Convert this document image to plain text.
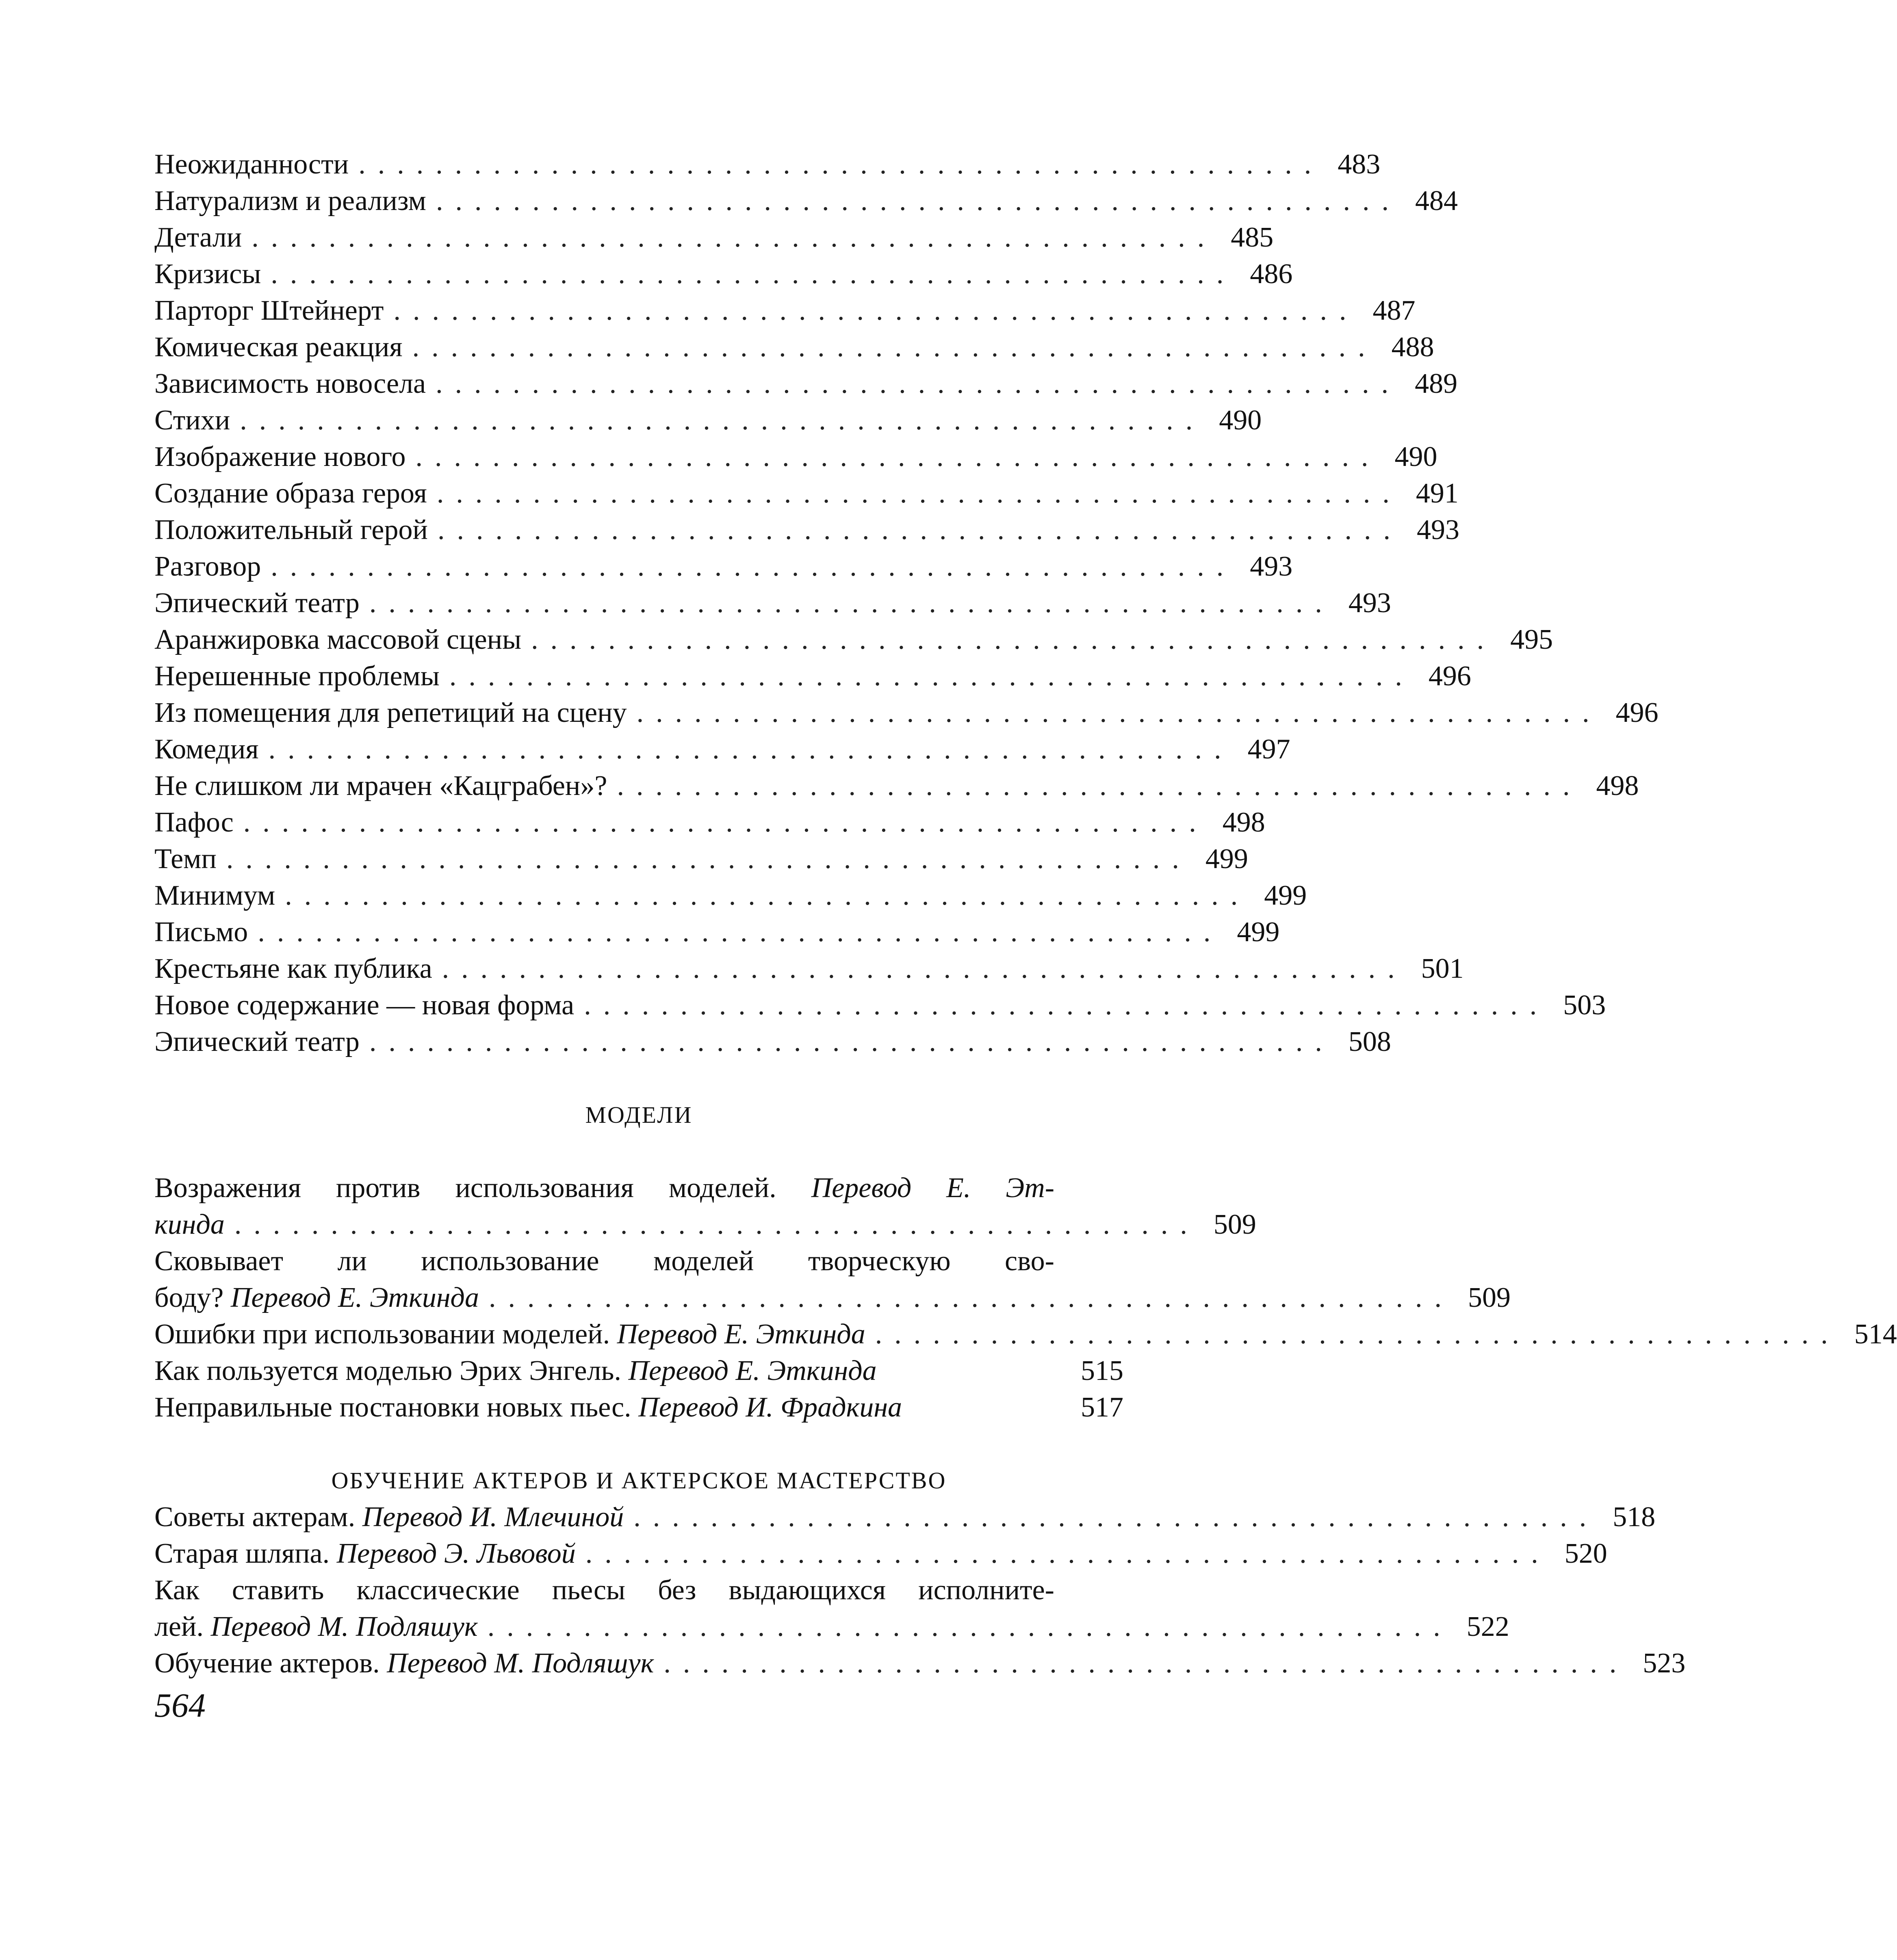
Неожиданности .................................................. 483
Натурализм и реализм .................................................. 484
Детали .................................................. 485
Кризисы .................................................. 486
Парторг Штейнерт .................................................. 487
Комическая реакция .................................................. 488
Зависимость новосела .................................................. 489
Стихи .................................................. 490
Изображение нового .................................................. 490
Создание образа героя .................................................. 491
Положительный герой .................................................. 493
Разговор .................................................. 493
Эпический театр .................................................. 493
Аранжировка массовой сцены .................................................. 495
Нерешенные проблемы .................................................. 496
Из помещения для репетиций на сцену .................................................. 496
Комедия .................................................. 497
Не слишком ли мрачен «Кацграбен»? .................................................. 498
Пафос .................................................. 498
Темп .................................................. 499
Минимум .................................................. 499
Письмо .................................................. 499
Крестьяне как публика .................................................. 501
Новое содержание — новая форма .................................................. 503
Эпический театр .................................................. 508
МОДЕЛИ
Возражения против использования моделей. Перевод Е. Эт-
кинда .................................................. 509
Сковывает ли использование моделей творческую сво-
боду? Перевод Е. Эткинда .................................................. 509
Ошибки при использовании моделей. Перевод Е. Эткинда .................................................. 514
Как пользуется моделью Эрих Энгель. Перевод Е. Эткинда	515
Неправильные постановки новых пьес. Перевод И. Фрадкина	517
ОБУЧЕНИЕ АКТЕРОВ И АКТЕРСКОЕ МАСТЕРСТВО
Советы актерам. Перевод И. Млечиной .................................................. 518
Старая шляпа. Перевод Э. Львовой .................................................. 520
Как ставить классические пьесы без выдающихся исполните-
лей. Перевод М. Подляшук .................................................. 522
Обучение актеров. Перевод М. Подляшук .................................................. 523
564
